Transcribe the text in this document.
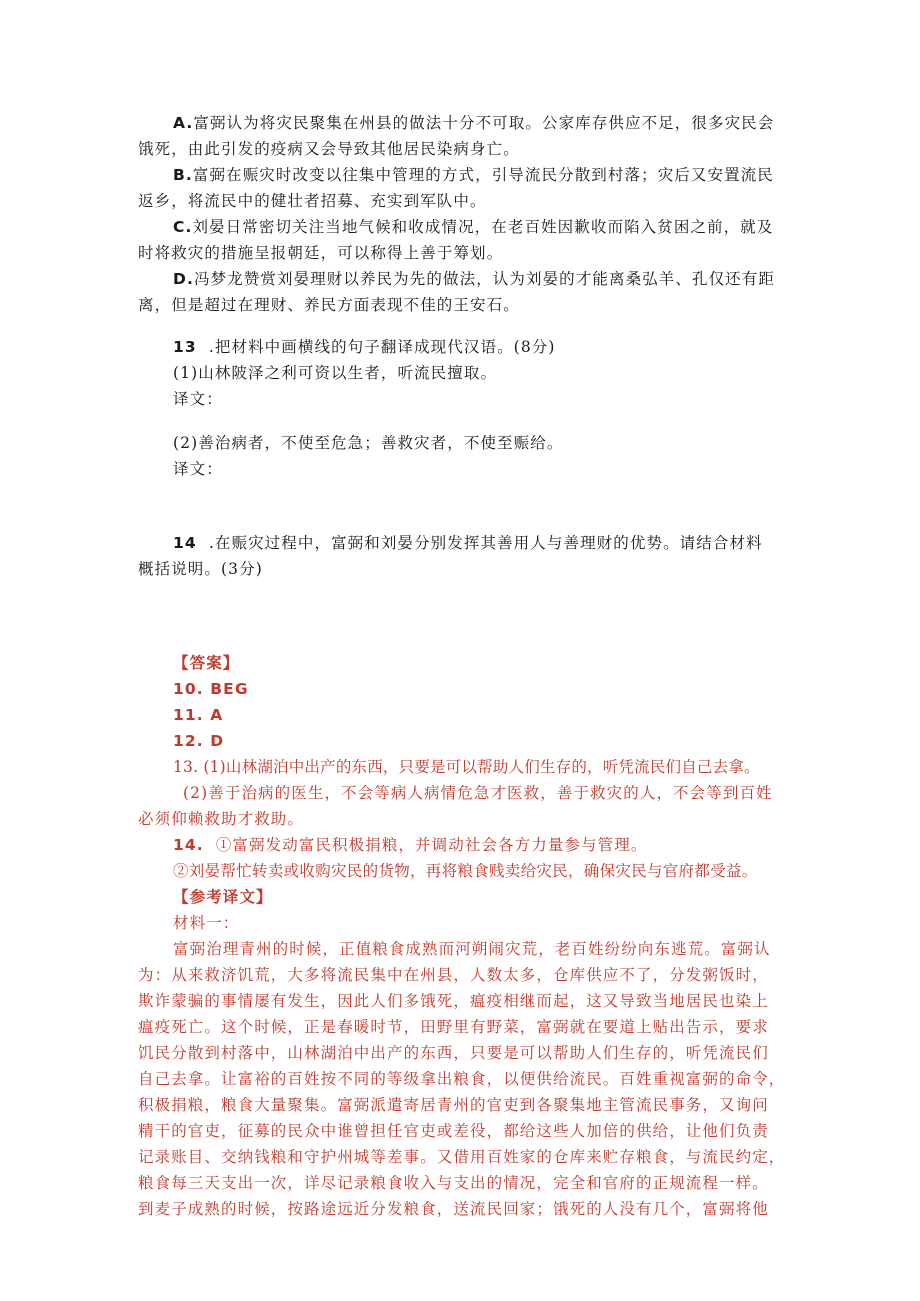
A.富弼认为将灾民聚集在州县的做法十分不可取。公家库存供应不足，很多灾民会
饿死，由此引发的疫病又会导致其他居民染病身亡。
B.富弼在赈灾时改变以往集中管理的方式，引导流民分散到村落；灾后又安置流民
返乡，将流民中的健壮者招募、充实到军队中。
C.刘晏日常密切关注当地气候和收成情况，在老百姓因歉收而陷入贫困之前，就及
时将救灾的措施呈报朝廷，可以称得上善于筹划。
D.冯梦龙赞赏刘晏理财以养民为先的做法，认为刘晏的才能离桑弘羊、孔仅还有距
离，但是超过在理财、养民方面表现不佳的王安石。
13 .把材料中画横线的句子翻译成现代汉语。(8分)
(1)山林陂泽之利可资以生者，听流民擅取。
译文：
(2)善治病者，不使至危急；善救灾者，不使至赈给。
译文：
14 .在赈灾过程中，富弼和刘晏分别发挥其善用人与善理财的优势。请结合材料
概括说明。(3分)
【答案】
10. BEG
11. A
12. D
13. (1)山林湖泊中出产的东西，只要是可以帮助人们生存的，听凭流民们自己去拿。
(2)善于治病的医生，不会等病人病情危急才医救，善于救灾的人，不会等到百姓
必须仰赖救助才救助。
14. ①富弼发动富民积极捐粮，并调动社会各方力量参与管理。
②刘晏帮忙转卖或收购灾民的货物，再将粮食贱卖给灾民，确保灾民与官府都受益。
【参考译文】
材料一：
富弼治理青州的时候，正值粮食成熟而河朔闹灾荒，老百姓纷纷向东逃荒。富弼认
为：从来救济饥荒，大多将流民集中在州县，人数太多，仓库供应不了，分发粥饭时，
欺诈蒙骗的事情屡有发生，因此人们多饿死，瘟疫相继而起，这又导致当地居民也染上
瘟疫死亡。这个时候，正是春暖时节，田野里有野菜，富弼就在要道上贴出告示，要求
饥民分散到村落中，山林湖泊中出产的东西，只要是可以帮助人们生存的，听凭流民们
自己去拿。让富裕的百姓按不同的等级拿出粮食，以便供给流民。百姓重视富弼的命令，
积极捐粮，粮食大量聚集。富弼派遣寄居青州的官吏到各聚集地主管流民事务，又询问
精干的官吏，征募的民众中谁曾担任官吏或差役，都给这些人加倍的供给，让他们负责
记录账目、交纳钱粮和守护州城等差事。又借用百姓家的仓库来贮存粮食，与流民约定，
粮食每三天支出一次，详尽记录粮食收入与支出的情况，完全和官府的正规流程一样。
到麦子成熟的时候，按路途远近分发粮食，送流民回家；饿死的人没有几个，富弼将他
